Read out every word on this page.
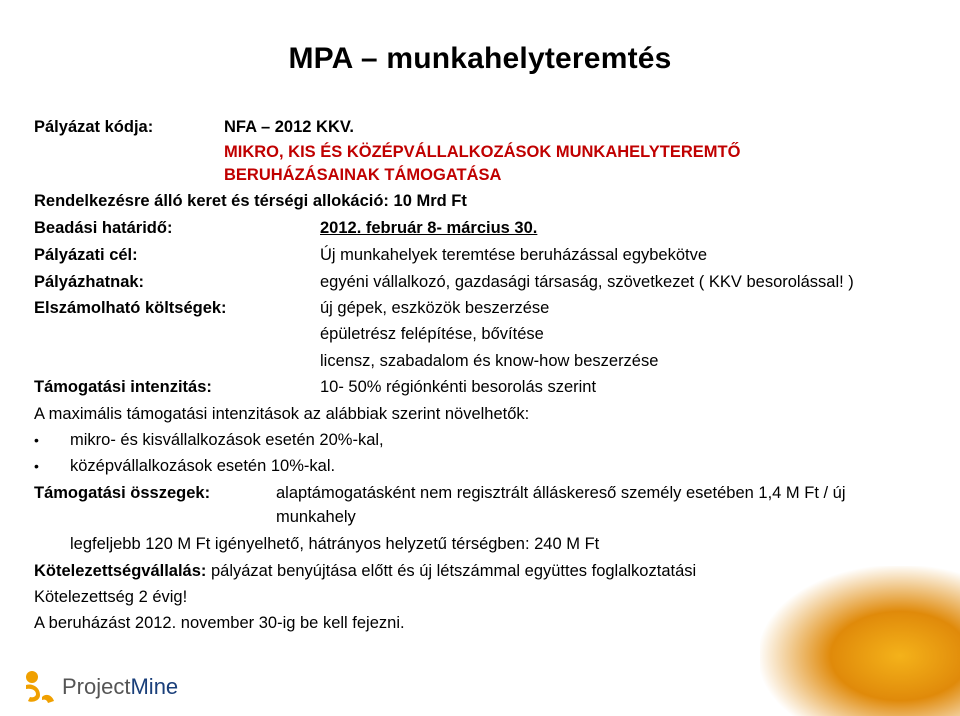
MPA – munkahelyteremtés
Pályázat kódja:	NFA – 2012 KKV.
MIKRO, KIS ÉS KÖZÉPVÁLLALKOZÁSOK MUNKAHELYTEREMTŐ
BERUHÁZÁSAINAK TÁMOGATÁSA
Rendelkezésre álló keret és térségi allokáció: 10 Mrd Ft
Beadási határidő:	2012. február 8- március 30.
Pályázati cél:	Új munkahelyek teremtése beruházással egybekötve
Pályázhatnak:	egyéni vállalkozó, gazdasági társaság, szövetkezet ( KKV besorolással! )
Elszámolható költségek:	új gépek, eszközök beszerzése
épületrész felépítése, bővítése
licensz, szabadalom és know-how beszerzése
Támogatási intenzitás:	10- 50% régiónkénti besorolás szerint
A maximális támogatási intenzitások az alábbiak szerint növelhetők:
• mikro- és kisvállalkozások esetén 20%-kal,
• középvállalkozások esetén 10%-kal.
Támogatási összegek:	alaptámogatásként nem regisztrált álláskereső személy esetében 1,4 M Ft / új
munkahely
legfeljebb 120 M Ft igényelhető, hátrányos helyzetű térségben: 240 M Ft
Kötelezettségvállalás: pályázat benyújtása előtt és új létszámmal együttes foglalkoztatási
Kötelezettség 2 évig!
A beruházást 2012. november 30-ig be kell fejezni.
ProjectMine
